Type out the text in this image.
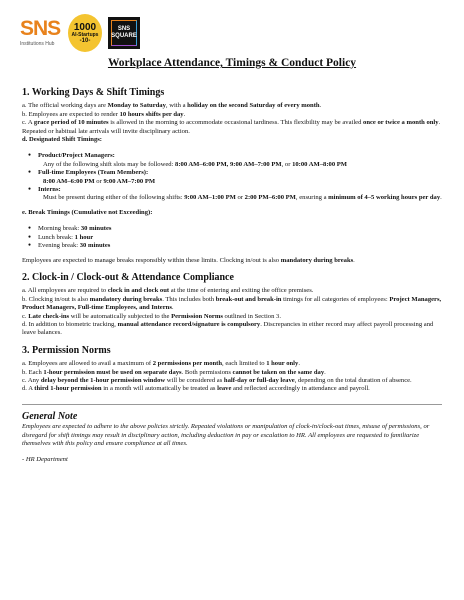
SNS
Institutions Hub
1000
AI-Startups
-10-
SNS
SQUARE
Workplace Attendance, Timings & Conduct Policy
1. Working Days & Shift Timings

a. The official working days are Monday to Saturday, with a holiday on the second Saturday of every month.

b. Employees are expected to render 10 hours shifts per day.

c. A grace period of 10 minutes is allowed in the morning to accommodate occasional tardiness. This flexibility may be availed once or twice a month only. Repeated or habitual late arrivals will invite disciplinary action.

d. Designated Shift Timings:

● Product/Project Managers:
Any of the following shift slots may be followed: 8:00 AM–6:00 PM, 9:00 AM–7:00 PM, or 10:00 AM–8:00 PM
● Full-time Employees (Team Members):
8:00 AM–6:00 PM or 9:00 AM–7:00 PM
● Interns:
Must be present during either of the following shifts: 9:00 AM–1:00 PM or 2:00 PM–6:00 PM, ensuring a minimum of 4–5 working hours per day.

e. Break Timings (Cumulative not Exceeding):

● Morning break: 30 minutes
● Lunch break: 1 hour
● Evening break: 30 minutes

Employees are expected to manage breaks responsibly within these limits. Clocking in/out is also mandatory during breaks.

2. Clock-in / Clock-out & Attendance Compliance

a. All employees are required to clock in and clock out at the time of entering and exiting the office premises.

b. Clocking in/out is also mandatory during breaks. This includes both break-out and break-in timings for all categories of employees: Project Managers, Product Managers, Full-time Employees, and Interns.

c. Late check-ins will be automatically subjected to the Permission Norms outlined in Section 3.

d. In addition to biometric tracking, manual attendance record/signature is compulsory. Discrepancies in either record may affect payroll processing and leave balances.

3. Permission Norms

a. Employees are allowed to avail a maximum of 2 permissions per month, each limited to 1 hour only.

b. Each 1-hour permission must be used on separate days. Both permissions cannot be taken on the same day.

c. Any delay beyond the 1-hour permission window will be considered as half-day or full-day leave, depending on the total duration of absence.

d. A third 1-hour permission in a month will automatically be treated as leave and reflected accordingly in attendance and payroll.

General Note

Employees are expected to adhere to the above policies strictly. Repeated violations or manipulation of clock-in/clock-out times, misuse of permissions, or disregard for shift timings may result in disciplinary action, including deduction in pay or escalation to HR. All employees are requested to familiarize themselves with this policy and ensure compliance at all times.

- HR Department
